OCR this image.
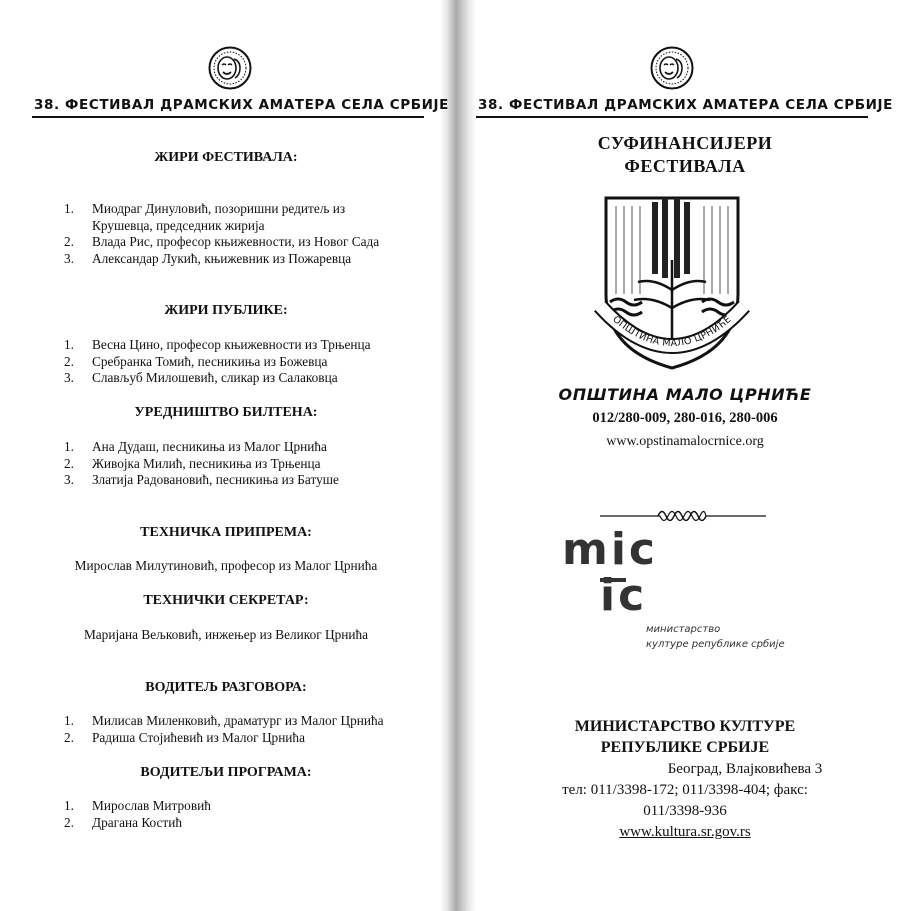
38. ФЕСТИВАЛ ДРАМСКИХ АМАТЕРА СЕЛА СРБИЈЕ
ЖИРИ ФЕСТИВАЛА:
1. Миодраг Динуловић, позоришни редитељ из Крушевца, председник жирија
2. Влада Рис, професор књижевности, из Новог Сада
3. Александар Лукић, књижевник из Пожаревца
ЖИРИ ПУБЛИКЕ:
1. Весна Цино, професор књижевности из Трњенца
2. Сребранка Томић, песникиња из Божевца
3. Слављуб Милошевић, сликар из Салаковца
УРЕДНИШТВО БИЛТЕНА:
1. Ана Дудаш, песникиња из Малог Црнића
2. Живојка Милић, песникиња из Трњенца
3. Златија Радовановић, песникиња из Батуше
ТЕХНИЧКА ПРИПРЕМА:
Мирослав Милутиновић, професор из Малог Црнића
ТЕХНИЧКИ СЕКРЕТАР:
Маријана Вељковић, инжењер из Великог Црнића
ВОДИТЕЉ РАЗГОВОРА:
1. Милисав Миленковић, драматург из Малог Црнића
2. Радиша Стојићевић из Малог Црнића
ВОДИТЕЉИ ПРОГРАМА:
1. Мирослав Митровић
2. Драгана Костић
38. ФЕСТИВАЛ ДРАМСКИХ АМАТЕРА СЕЛА СРБИЈЕ
СУФИНАНСИЈЕРИ
ФЕСТИВАЛА
ОПШТИНА МАЛО ЦРНИЋЕ
ОПШТИНА МАЛО ЦРНИЋЕ
012/280-009, 280-016, 280-006
www.opstinamalocrnice.org
mic
ic
министарство
културе републике србије
МИНИСТАРСТВО КУЛТУРЕ
РЕПУБЛИКЕ СРБИЈЕ
Београд, Влајковићева 3
тел: 011/3398-172; 011/3398-404; факс:
011/3398-936
www.kultura.sr.gov.rs
